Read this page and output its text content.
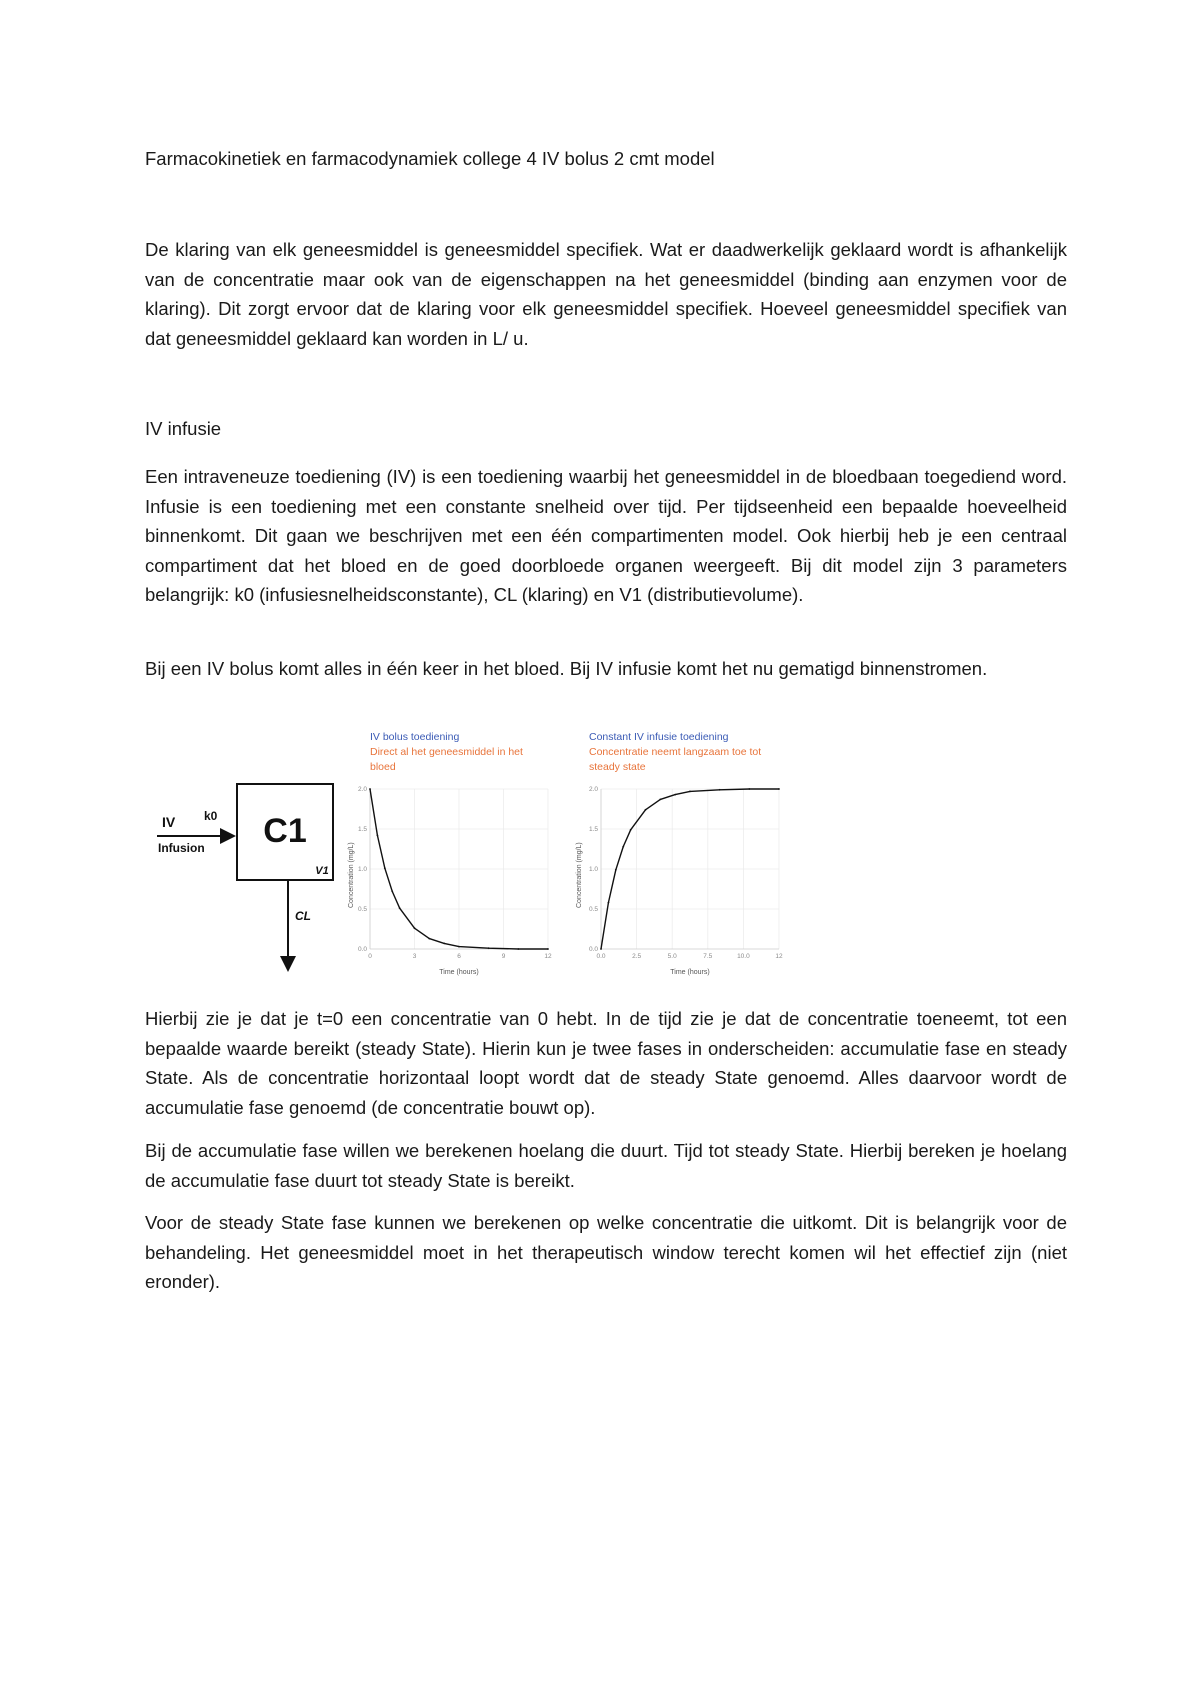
Farmacokinetiek en farmacodynamiek college 4 IV bolus 2 cmt model

De klaring van elk geneesmiddel is geneesmiddel specifiek. Wat er daadwerkelijk geklaard wordt is afhankelijk van de concentratie maar ook van de eigenschappen na het geneesmiddel (binding aan enzymen voor de klaring). Dit zorgt ervoor dat de klaring voor elk geneesmiddel specifiek. Hoeveel geneesmiddel specifiek van dat geneesmiddel geklaard kan worden in L/ u.

IV infusie

Een intraveneuze toediening (IV) is een toediening waarbij het geneesmiddel in de bloedbaan toegediend word. Infusie is een toediening met een constante snelheid over tijd. Per tijdseenheid een bepaalde hoeveelheid binnenkomt. Dit gaan we beschrijven met een één compartimenten model. Ook hierbij heb je een centraal compartiment dat het bloed en de goed doorbloede organen weergeeft. Bij dit model zijn 3 parameters belangrijk: k0 (infusiesnelheidsconstante), CL (klaring) en V1 (distributievolume).

Bij een IV bolus komt alles in één keer in het bloed. Bij IV infusie komt het nu gematigd binnenstromen.

IV
Infusion
k0 C1
V1
CL
IV bolus toediening
Direct al het geneesmiddel in het
bloed
0.0
0.5
1.0
1.5
2.0
0	3	6	9	12
Concentration (mg/L)
Time (hours)
Constant IV infusie toediening
Concentratie neemt langzaam toe tot
steady state
0.0
0.5
1.0
1.5
2.0
0.0	2.5	5.0	7.5	10.0	12
Concentration (mg/L)
Time (hours)

Hierbij zie je dat je t=0 een concentratie van 0 hebt. In de tijd zie je dat de concentratie toeneemt, tot een bepaalde waarde bereikt (steady State). Hierin kun je twee fases in onderscheiden: accumulatie fase en steady State. Als de concentratie horizontaal loopt wordt dat de steady State genoemd. Alles daarvoor wordt de accumulatie fase genoemd (de concentratie bouwt op).

Bij de accumulatie fase willen we berekenen hoelang die duurt. Tijd tot steady State. Hierbij bereken je hoelang de accumulatie fase duurt tot steady State is bereikt.

Voor de steady State fase kunnen we berekenen op welke concentratie die uitkomt. Dit is belangrijk voor de behandeling. Het geneesmiddel moet in het therapeutisch window terecht komen wil het effectief zijn (niet eronder).
